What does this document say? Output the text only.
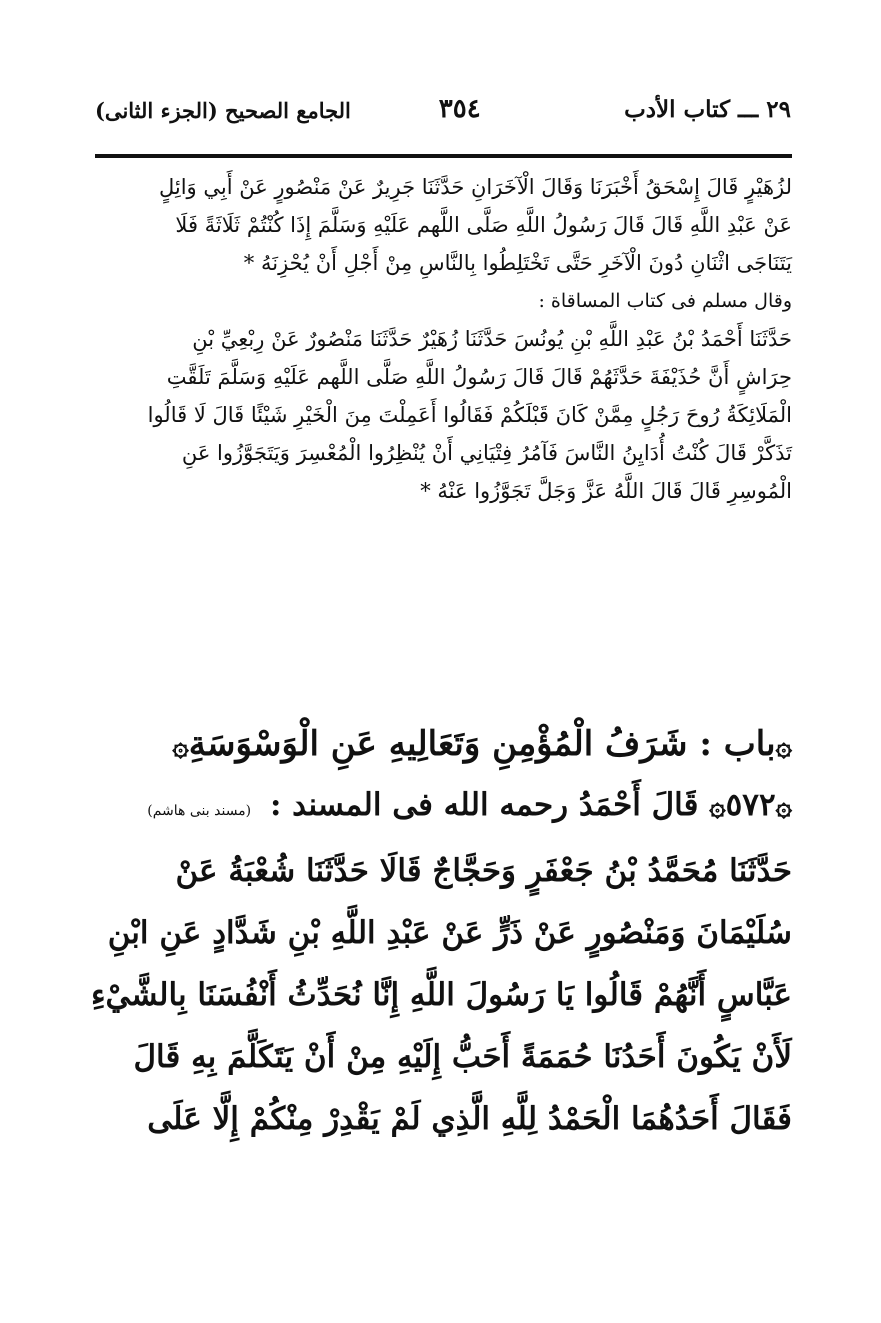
٢٩ ـــ كتاب الأدب
٣٥٤
الجامع الصحيح (الجزء الثانى)

لزُهَيْرٍ قَالَ إِسْحَقُ أَخْبَرَنَا وَقَالَ الْآخَرَانِ حَدَّثَنَا جَرِيرٌ عَنْ مَنْصُورٍ عَنْ أَبِي وَائِلٍ

عَنْ عَبْدِ اللَّهِ قَالَ قَالَ رَسُولُ اللَّهِ صَلَّى اللَّهم عَلَيْهِ وَسَلَّمَ إِذَا كُنْتُمْ ثَلَاثَةً فَلَا

يَتَنَاجَى اثْنَانِ دُونَ الْآخَرِ حَتَّى تَخْتَلِطُوا بِالنَّاسِ مِنْ أَجْلِ أَنْ يُحْزِنَهُ *

وقال مسلم فى كتاب المساقاة :

حَدَّثَنَا أَحْمَدُ بْنُ عَبْدِ اللَّهِ بْنِ يُونُسَ حَدَّثَنَا زُهَيْرٌ حَدَّثَنَا مَنْصُورٌ عَنْ رِبْعِيِّ بْنِ

حِرَاشٍ أَنَّ حُذَيْفَةَ حَدَّثَهُمْ قَالَ قَالَ رَسُولُ اللَّهِ صَلَّى اللَّهم عَلَيْهِ وَسَلَّمَ تَلَقَّتِ

الْمَلَائِكَةُ رُوحَ رَجُلٍ مِمَّنْ كَانَ قَبْلَكُمْ فَقَالُوا أَعَمِلْتَ مِنَ الْخَيْرِ شَيْئًا قَالَ لَا قَالُوا

تَذَكَّرْ قَالَ كُنْتُ أُدَايِنُ النَّاسَ فَآمُرُ فِتْيَانِي أَنْ يُنْظِرُوا الْمُعْسِرَ وَيَتَجَوَّزُوا عَنِ

الْمُوسِرِ قَالَ قَالَ اللَّهُ عَزَّ وَجَلَّ تَجَوَّزُوا عَنْهُ *

۞باب : شَرَفُ الْمُؤْمِنِ وَتَعَالِيهِ عَنِ الْوَسْوَسَةِ۞
۞٥٧٢۞ قَالَ أَحْمَدُ رحمه الله فى المسند : (مسند بنى هاشم)

حَدَّثَنَا مُحَمَّدُ بْنُ جَعْفَرٍ وَحَجَّاجٌ قَالَا حَدَّثَنَا شُعْبَةُ عَنْ

سُلَيْمَانَ وَمَنْصُورٍ عَنْ ذَرٍّ عَنْ عَبْدِ اللَّهِ بْنِ شَدَّادٍ عَنِ ابْنِ

عَبَّاسٍ أَنَّهُمْ قَالُوا يَا رَسُولَ اللَّهِ إِنَّا نُحَدِّثُ أَنْفُسَنَا بِالشَّيْءِ

لَأَنْ يَكُونَ أَحَدُنَا حُمَمَةً أَحَبُّ إِلَيْهِ مِنْ أَنْ يَتَكَلَّمَ بِهِ قَالَ

فَقَالَ أَحَدُهُمَا الْحَمْدُ لِلَّهِ الَّذِي لَمْ يَقْدِرْ مِنْكُمْ إِلَّا عَلَى
